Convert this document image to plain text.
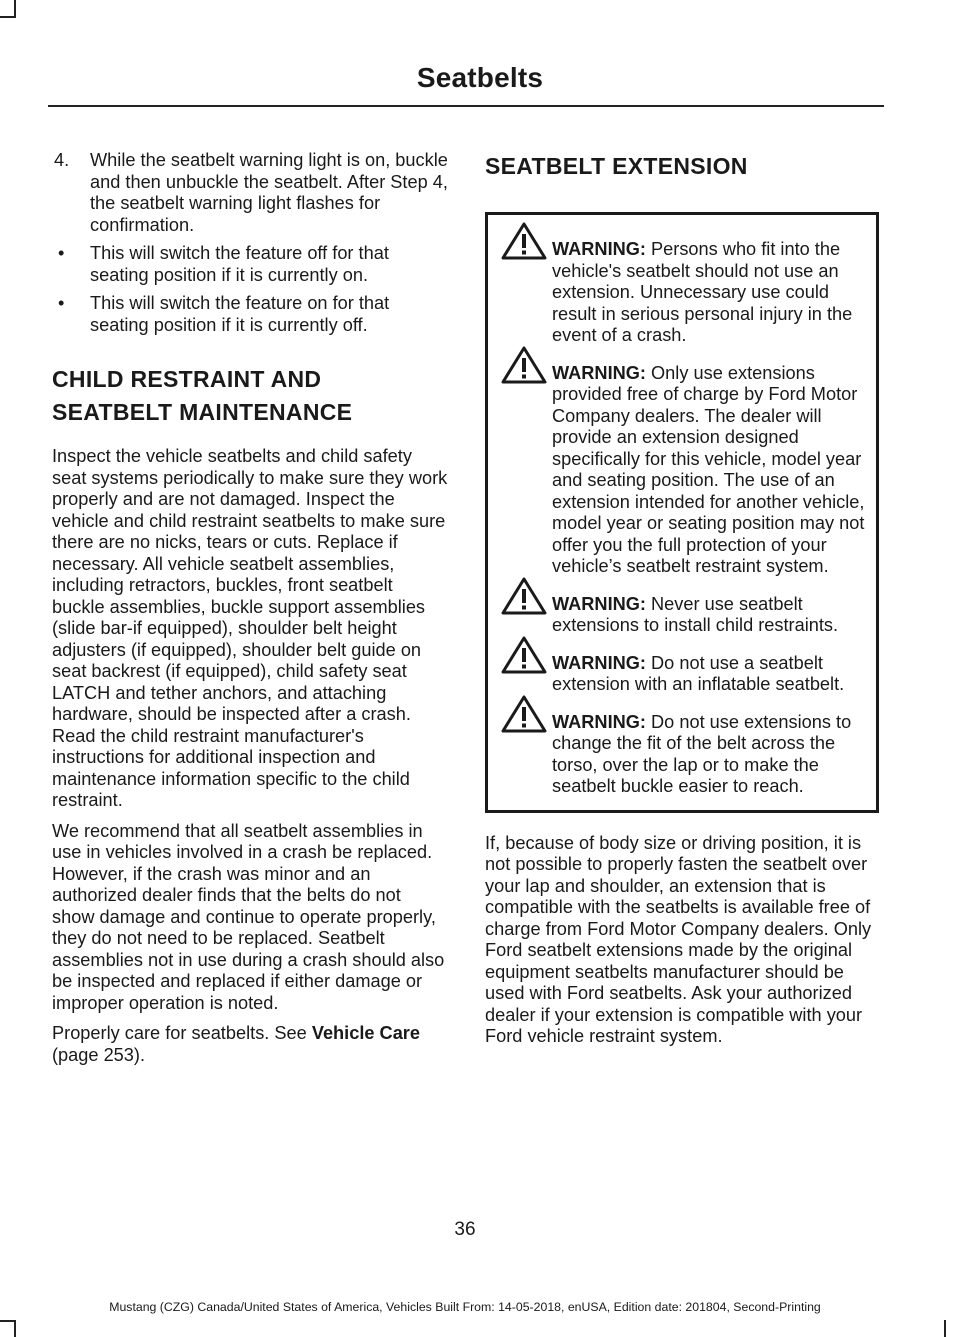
Seatbelts
4. While the seatbelt warning light is on, buckle and then unbuckle the seatbelt. After Step 4, the seatbelt warning light flashes for confirmation.
• This will switch the feature off for that seating position if it is currently on.
• This will switch the feature on for that seating position if it is currently off.
CHILD RESTRAINT AND
SEATBELT MAINTENANCE

Inspect the vehicle seatbelts and child safety seat systems periodically to make sure they work properly and are not damaged. Inspect the vehicle and child restraint seatbelts to make sure there are no nicks, tears or cuts. Replace if necessary. All vehicle seatbelt assemblies, including retractors, buckles, front seatbelt buckle assemblies, buckle support assemblies (slide bar-if equipped), shoulder belt height adjusters (if equipped), shoulder belt guide on seat backrest (if equipped), child safety seat LATCH and tether anchors, and attaching hardware, should be inspected after a crash. Read the child restraint manufacturer's instructions for additional inspection and maintenance information specific to the child restraint.

We recommend that all seatbelt assemblies in use in vehicles involved in a crash be replaced. However, if the crash was minor and an authorized dealer finds that the belts do not show damage and continue to operate properly, they do not need to be replaced. Seatbelt assemblies not in use during a crash should also be inspected and replaced if either damage or improper operation is noted.

Properly care for seatbelts. See Vehicle Care (page 253).

SEATBELT EXTENSION
WARNING: Persons who fit into the vehicle's seatbelt should not use an extension. Unnecessary use could result in serious personal injury in the event of a crash.
WARNING: Only use extensions provided free of charge by Ford Motor Company dealers. The dealer will provide an extension designed specifically for this vehicle, model year and seating position. The use of an extension intended for another vehicle, model year or seating position may not offer you the full protection of your vehicle’s seatbelt restraint system.
WARNING: Never use seatbelt extensions to install child restraints.
WARNING: Do not use a seatbelt extension with an inflatable seatbelt.
WARNING: Do not use extensions to change the fit of the belt across the torso, over the lap or to make the seatbelt buckle easier to reach.

If, because of body size or driving position, it is not possible to properly fasten the seatbelt over your lap and shoulder, an extension that is compatible with the seatbelts is available free of charge from Ford Motor Company dealers. Only Ford seatbelt extensions made by the original equipment seatbelts manufacturer should be used with Ford seatbelts. Ask your authorized dealer if your extension is compatible with your Ford vehicle restraint system.

36
Mustang (CZG) Canada/United States of America, Vehicles Built From: 14-05-2018, enUSA, Edition date: 201804, Second-Printing
